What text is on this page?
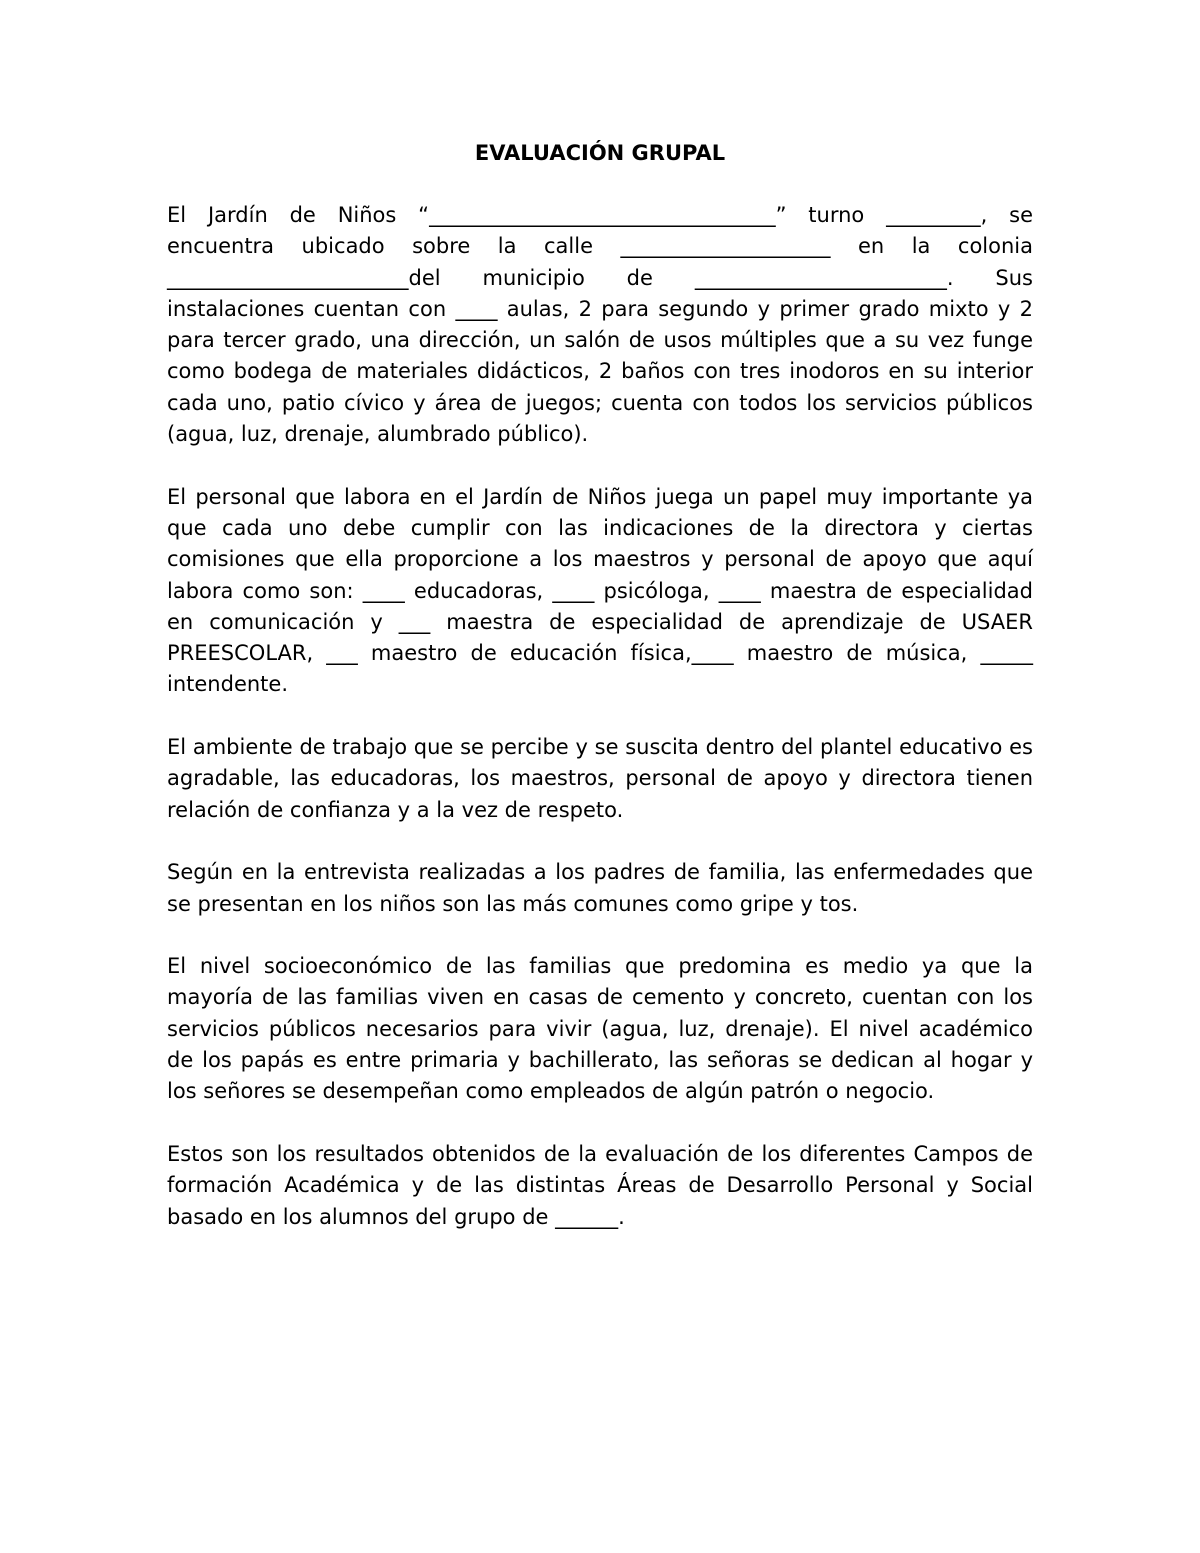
EVALUACIÓN GRUPAL

El Jardín de Niños “_________________________________” turno _________, se encuentra ubicado sobre la calle ____________________ en la colonia _______________________del municipio de ________________________. Sus instalaciones cuentan con ____ aulas, 2 para segundo y primer grado mixto y 2 para tercer grado, una dirección, un salón de usos múltiples que a su vez funge como bodega de materiales didácticos, 2 baños con tres inodoros en su interior cada uno, patio cívico y área de juegos; cuenta con todos los servicios públicos (agua, luz, drenaje, alumbrado público).

El personal que labora en el Jardín de Niños juega un papel muy importante ya que cada uno debe cumplir con las indicaciones de la directora y ciertas comisiones que ella proporcione a los maestros y personal de apoyo que aquí labora como son: ____ educadoras, ____ psicóloga, ____ maestra de especialidad en comunicación y ___ maestra de especialidad de aprendizaje de USAER PREESCOLAR, ___ maestro de educación física,____ maestro de música, _____ intendente.

El ambiente de trabajo que se percibe y se suscita dentro del plantel educativo es agradable, las educadoras, los maestros, personal de apoyo y directora tienen relación de confianza y a la vez de respeto.

Según en la entrevista realizadas a los padres de familia, las enfermedades que se presentan en los niños son las más comunes como gripe y tos.

El nivel socioeconómico de las familias que predomina es medio ya que la mayoría de las familias viven en casas de cemento y concreto, cuentan con los servicios públicos necesarios para vivir (agua, luz, drenaje). El nivel académico de los papás es entre primaria y bachillerato, las señoras se dedican al hogar y los señores se desempeñan como empleados de algún patrón o negocio.

Estos son los resultados obtenidos de la evaluación de los diferentes Campos de formación Académica y de las distintas Áreas de Desarrollo Personal y Social basado en los alumnos del grupo de ______.
